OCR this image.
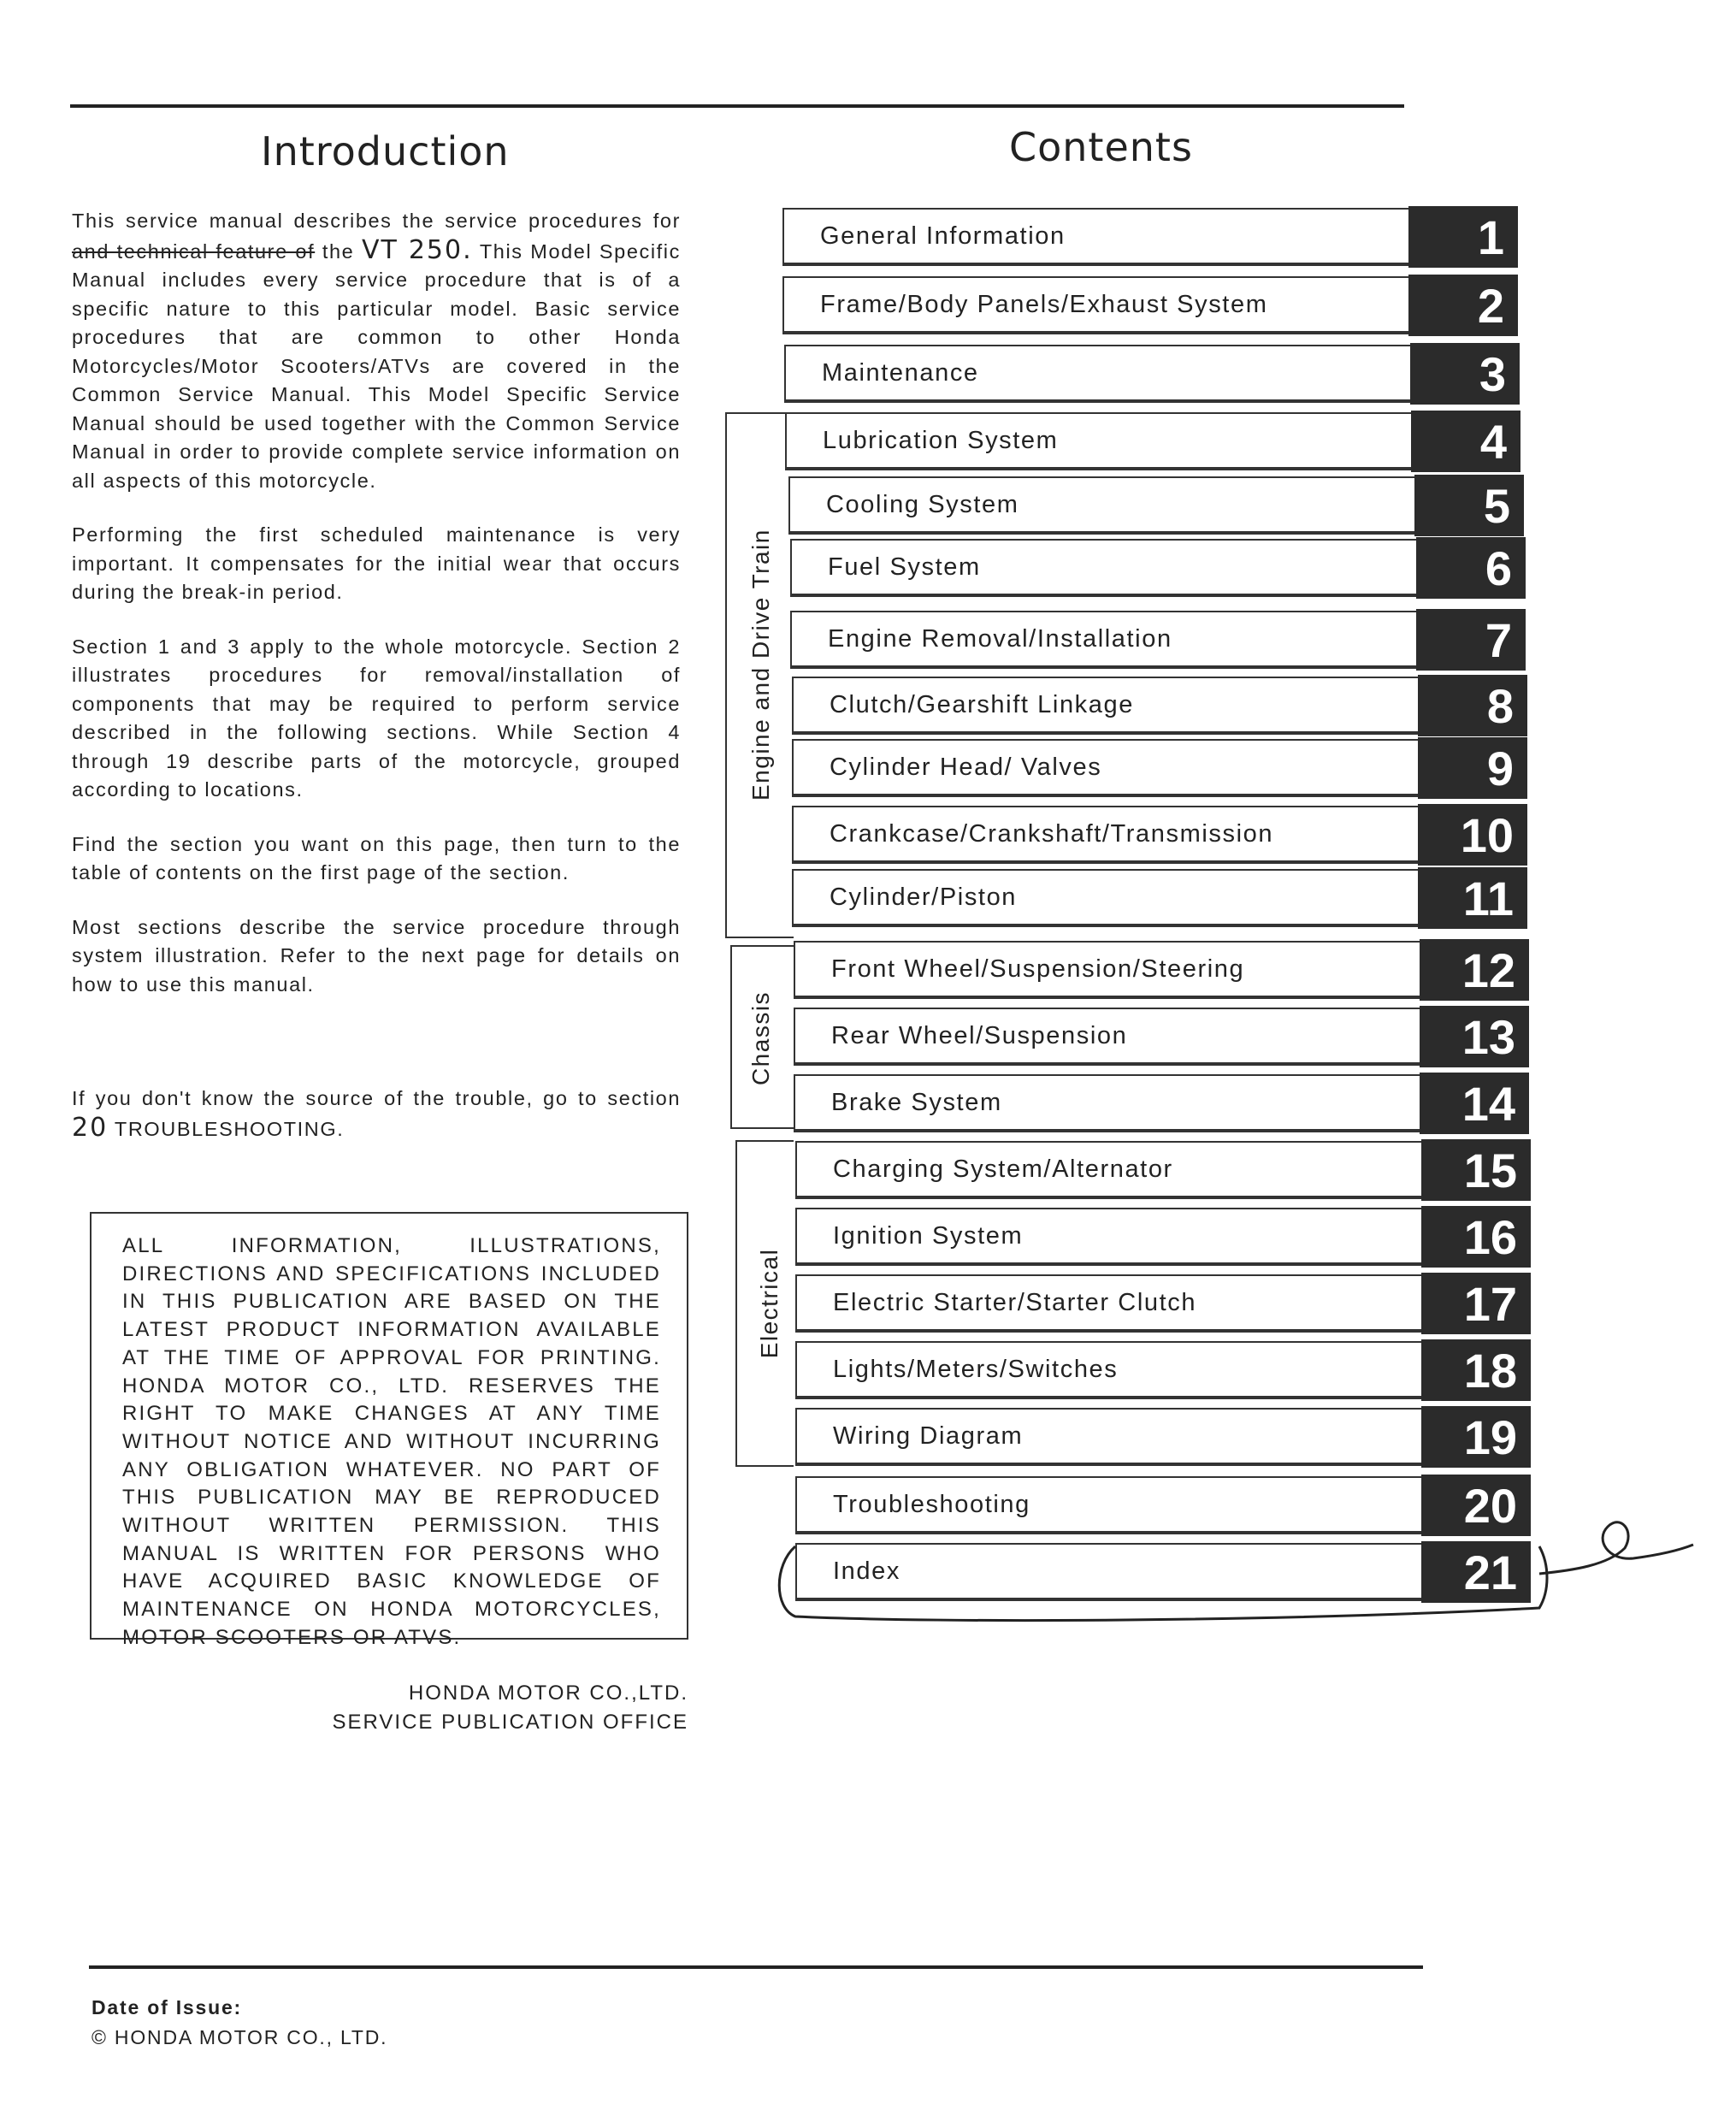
Introduction

This service manual describes the service procedures for and technical feature of the VT 250. This Model Specific Manual includes every service procedure that is of a specific nature to this particular model. Basic service procedures that are common to other Honda Motorcycles/Motor Scooters/ATVs are covered in the Common Service Manual. This Model Specific Service Manual should be used together with the Common Service Manual in order to provide complete service information on all aspects of this motorcycle.

Performing the first scheduled maintenance is very important. It compensates for the initial wear that occurs during the break-in period.

Section 1 and 3 apply to the whole motorcycle. Section 2 illustrates procedures for removal/installation of components that may be required to perform service described in the following sections. While Section 4 through 19 describe parts of the motorcycle, grouped according to locations.

Find the section you want on this page, then turn to the table of contents on the first page of the section.

Most sections describe the service procedure through system illustration. Refer to the next page for details on how to use this manual.

If you don't know the source of the trouble, go to section 20 TROUBLESHOOTING.

ALL INFORMATION, ILLUSTRATIONS, DIRECTIONS AND SPECIFICATIONS INCLUDED IN THIS PUBLICATION ARE BASED ON THE LATEST PRODUCT INFORMATION AVAILABLE AT THE TIME OF APPROVAL FOR PRINTING. HONDA MOTOR CO., LTD. RESERVES THE RIGHT TO MAKE CHANGES AT ANY TIME WITHOUT NOTICE AND WITHOUT INCURRING ANY OBLIGATION WHATEVER. NO PART OF THIS PUBLICATION MAY BE REPRODUCED WITHOUT WRITTEN PERMISSION. THIS MANUAL IS WRITTEN FOR PERSONS WHO HAVE ACQUIRED BASIC KNOWLEDGE OF MAINTENANCE ON HONDA MOTORCYCLES, MOTOR SCOOTERS OR ATVS.
HONDA MOTOR CO.,LTD.
SERVICE PUBLICATION OFFICE
Date of Issue:
© HONDA MOTOR CO., LTD.
Contents
Engine and Drive Train
Chassis
Electrical
General Information	1
Frame/Body Panels/Exhaust System	2
Maintenance	3
Lubrication System	4
Cooling System	5
Fuel System	6
Engine Removal/Installation	7
Clutch/Gearshift Linkage	8
Cylinder Head/ Valves	9
Crankcase/Crankshaft/Transmission	10
Cylinder/Piston	11
Front Wheel/Suspension/Steering	12
Rear Wheel/Suspension	13
Brake System	14
Charging System/Alternator	15
Ignition System	16
Electric Starter/Starter Clutch	17
Lights/Meters/Switches	18
Wiring Diagram	19
Troubleshooting	20
Index	21
